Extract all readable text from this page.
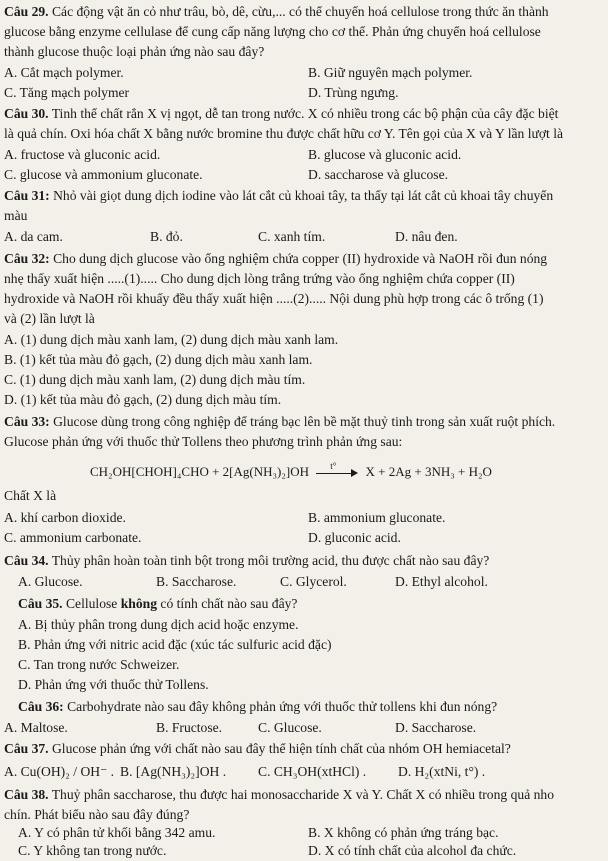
Câu 29. Các động vật ăn cỏ như trâu, bò, dê, cừu,... có thể chuyển hoá cellulose trong thức ăn thành
glucose bằng enzyme cellulase để cung cấp năng lượng cho cơ thể. Phản ứng chuyển hoá cellulose
thành glucose thuộc loại phản ứng nào sau đây?
A. Cắt mạch polymer.	B. Giữ nguyên mạch polymer.
C. Tăng mạch polymer	D. Trùng ngưng.
Câu 30. Tinh thể chất rắn X vị ngọt, dễ tan trong nước. X có nhiều trong các bộ phận của cây đặc biệt
là quả chín. Oxi hóa chất X bằng nước bromine thu được chất hữu cơ Y. Tên gọi của X và Y lần lượt là
A. fructose và gluconic acid.	B. glucose và gluconic acid.
C. glucose và ammonium gluconate.	D. saccharose và glucose.
Câu 31: Nhỏ vài giọt dung dịch iodine vào lát cắt củ khoai tây, ta thấy tại lát cắt củ khoai tây chuyển
màu
A. da cam.	B. đỏ.	C. xanh tím.	D. nâu đen.
Câu 32: Cho dung dịch glucose vào ống nghiệm chứa copper (II) hydroxide và NaOH rồi đun nóng
nhẹ thấy xuất hiện .....(1)..... Cho dung dịch lòng trắng trứng vào ống nghiệm chứa copper (II)
hydroxide và NaOH rồi khuấy đều thấy xuất hiện .....(2)..... Nội dung phù hợp trong các ô trống (1)
và (2) lần lượt là
A. (1) dung dịch màu xanh lam, (2) dung dịch màu xanh lam.
B. (1) kết tủa màu đỏ gạch, (2) dung dịch màu xanh lam.
C. (1) dung dịch màu xanh lam, (2) dung dịch màu tím.
D. (1) kết tủa màu đỏ gạch, (2) dung dịch màu tím.
Câu 33: Glucose dùng trong công nghiệp để tráng bạc lên bề mặt thuỷ tinh trong sản xuất ruột phích.
Glucose phản ứng với thuốc thử Tollens theo phương trình phản ứng sau:
CH₂OH[CHOH]₄CHO + 2[Ag(NH₃)₂]OH t° X + 2Ag + 3NH₃ + H₂O
Chất X là
A. khí carbon dioxide.	B. ammonium gluconate.
C. ammonium carbonate.	D. gluconic acid.
Câu 34. Thủy phân hoàn toàn tinh bột trong môi trường acid, thu được chất nào sau đây?
A. Glucose.	B. Saccharose.	C. Glycerol.	D. Ethyl alcohol.
Câu 35. Cellulose không có tính chất nào sau đây?
A. Bị thủy phân trong dung dịch acid hoặc enzyme.
B. Phản ứng với nitric acid đặc (xúc tác sulfuric acid đặc)
C. Tan trong nước Schweizer.
D. Phản ứng với thuốc thử Tollens.
Câu 36: Carbohydrate nào sau đây không phản ứng với thuốc thử tollens khi đun nóng?
A. Maltose.	B. Fructose.	C. Glucose.	D. Saccharose.
Câu 37. Glucose phản ứng với chất nào sau đây thể hiện tính chất của nhóm OH hemiacetal?
A. Cu(OH)₂ / OH⁻ . B. [Ag(NH₃)₂]OH . C. CH₃OH(xtHCl) . D. H₂(xtNi, t°) .
Câu 38. Thuỷ phân saccharose, thu được hai monosaccharide X và Y. Chất X có nhiều trong quả nho
chín. Phát biểu nào sau đây đúng?
A. Y có phân tử khối bằng 342 amu.	B. X không có phản ứng tráng bạc.
C. Y không tan trong nước.	D. X có tính chất của alcohol đa chức.
